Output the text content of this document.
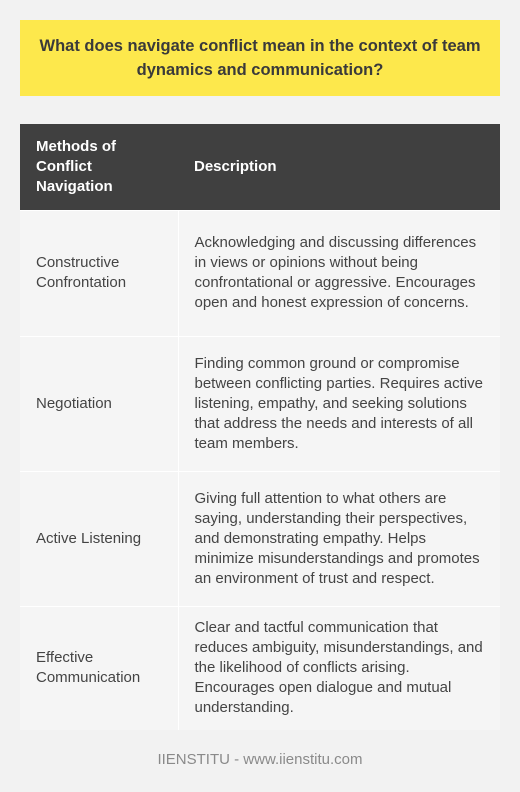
What does navigate conflict mean in the context of team dynamics and communication?
Methods of Conflict Navigation	Description
Constructive Confrontation	Acknowledging and discussing differences in views or opinions without being confrontational or aggressive. Encourages open and honest expression of concerns.
Negotiation	Finding common ground or compromise between conflicting parties. Requires active listening, empathy, and seeking solutions that address the needs and interests of all team members.
Active Listening	Giving full attention to what others are saying, understanding their perspectives, and demonstrating empathy. Helps minimize misunderstandings and promotes an environment of trust and respect.
Effective Communication	Clear and tactful communication that reduces ambiguity, misunderstandings, and the likelihood of conflicts arising. Encourages open dialogue and mutual understanding.
IIENSTITU - www.iienstitu.com
